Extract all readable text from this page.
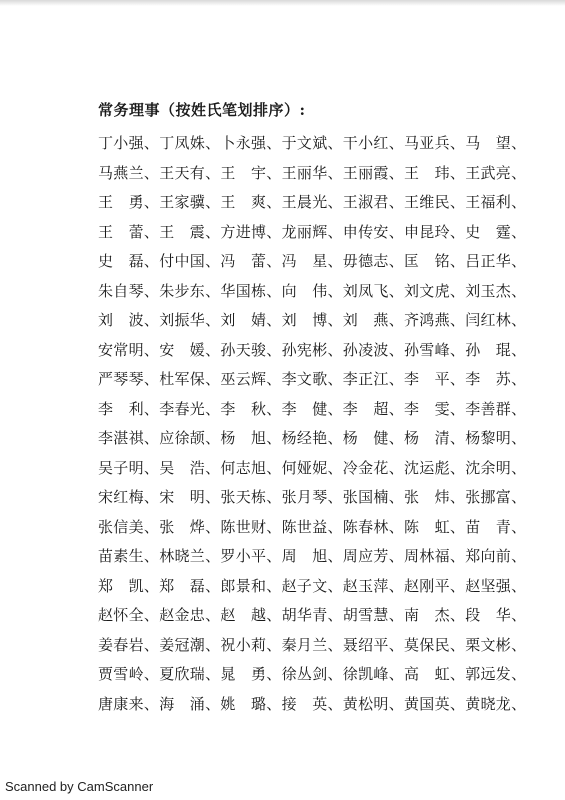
常务理事（按姓氏笔划排序）:
丁小强、丁凤姝、卜永强、于文斌、干小红、马亚兵、马　望、
马燕兰、王天有、王　宇、王丽华、王丽霞、王　玮、王武亮、
王　勇、王家骥、王　爽、王晨光、王淑君、王维民、王福利、
王　蕾、王　震、方进博、龙丽辉、申传安、申昆玲、史　霆、
史　磊、付中国、冯　蕾、冯　星、毋德志、匡　铭、吕正华、
朱自琴、朱步东、华国栋、向　伟、刘凤飞、刘文虎、刘玉杰、
刘　波、刘振华、刘　婧、刘　博、刘　燕、齐鸿燕、闫红林、
安常明、安　媛、孙天骏、孙宪彬、孙凌波、孙雪峰、孙　琨、
严琴琴、杜军保、巫云辉、李文歌、李正江、李　平、李　苏、
李　利、李春光、李　秋、李　健、李　超、李　雯、李善群、
李湛祺、应徐颉、杨　旭、杨经艳、杨　健、杨　清、杨黎明、
吴子明、吴　浩、何志旭、何娅妮、冷金花、沈运彪、沈余明、
宋红梅、宋　明、张天栋、张月琴、张国楠、张　炜、张挪富、
张信美、张　烨、陈世财、陈世益、陈春林、陈　虹、苗　青、
苗素生、林晓兰、罗小平、周　旭、周应芳、周林福、郑向前、
郑　凯、郑　磊、郎景和、赵子文、赵玉萍、赵刚平、赵坚强、
赵怀全、赵金忠、赵　越、胡华青、胡雪慧、南　杰、段　华、
姜春岩、姜冠潮、祝小莉、秦月兰、聂绍平、莫保民、栗文彬、
贾雪岭、夏欣瑞、晁　勇、徐丛剑、徐凯峰、高　虹、郭远发、
唐康来、海　涌、姚　璐、接　英、黄松明、黄国英、黄晓龙、
Scanned by CamScanner
